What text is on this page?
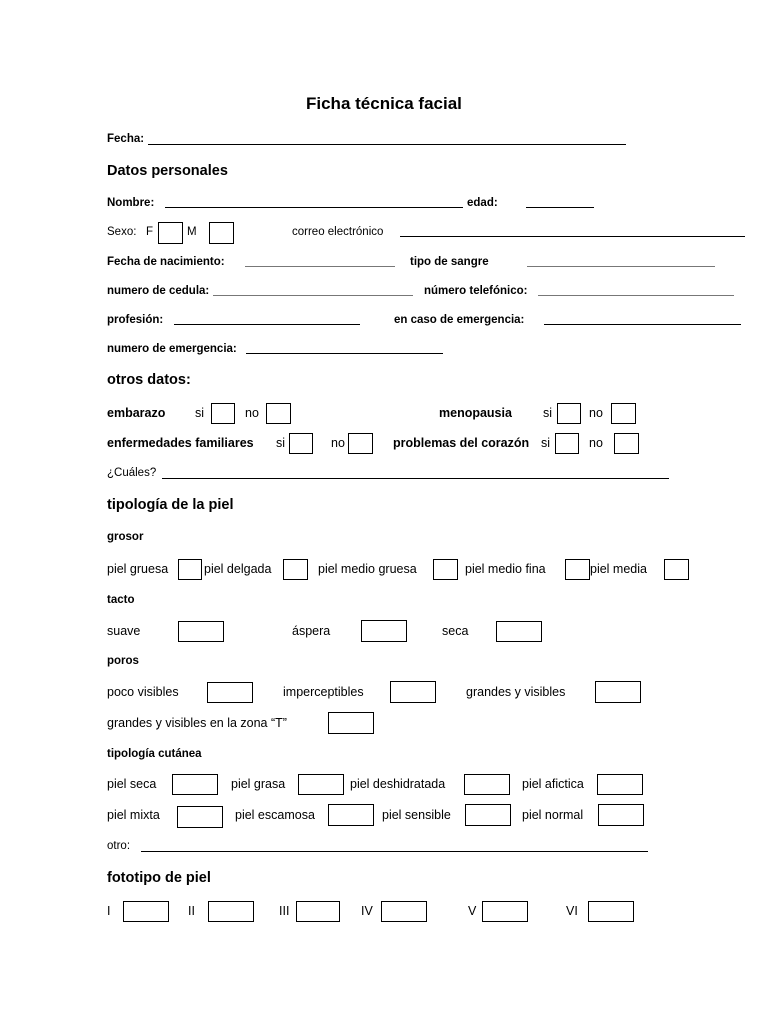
Ficha técnica facial
Fecha:
Datos personales
Nombre:	edad:
Sexo: F	M	correo electrónico
Fecha de nacimiento:	tipo de sangre
numero de cedula:	número telefónico:
profesión:	en caso de emergencia:
numero de emergencia:
otros datos:
embarazo si	no	menopausia si	no
enfermedades familiares si	no	problemas del corazón si	no
¿Cuáles?
tipología de la piel
grosor
piel gruesa	piel delgada	piel medio gruesa	piel medio fina	piel media
tacto
suave	áspera	seca
poros
poco visibles	imperceptibles	grandes y visibles
grandes y visibles en la zona “T”
tipología cutánea
piel seca	piel grasa	piel deshidratada	piel afictica
piel mixta	piel escamosa	piel sensible	piel normal
otro:
fototipo de piel
I	II	III	IV	V	VI
